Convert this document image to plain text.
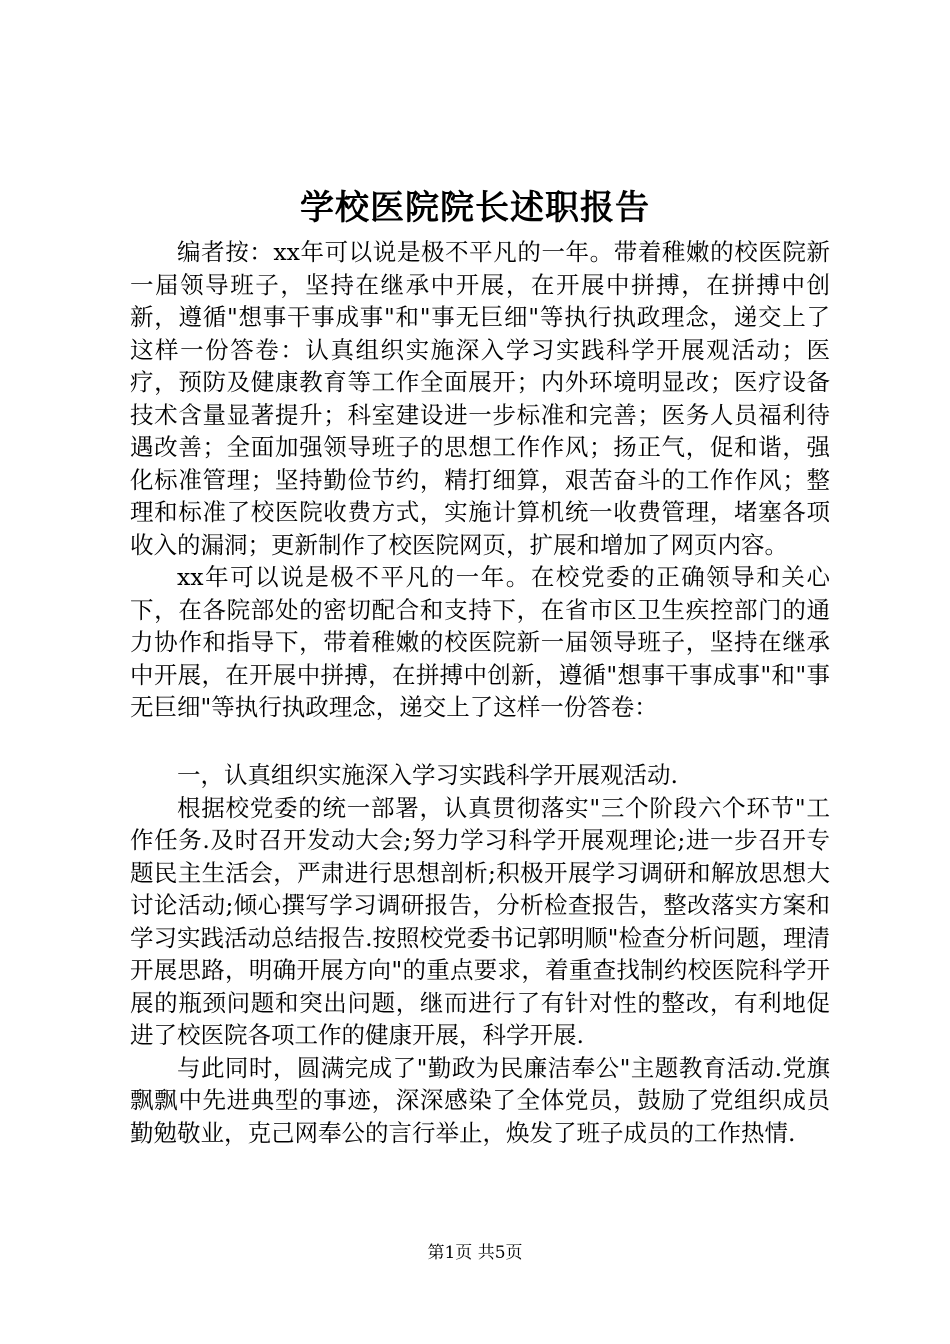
学校医院院长述职报告

编者按：xx年可以说是极不平凡的一年。带着稚嫩的校医院新一届领导班子，坚持在继承中开展，在开展中拼搏，在拼搏中创新，遵循"想事干事成事"和"事无巨细"等执行执政理念，递交上了这样一份答卷：认真组织实施深入学习实践科学开展观活动；医疗，预防及健康教育等工作全面展开；内外环境明显改；医疗设备技术含量显著提升；科室建设进一步标准和完善；医务人员福利待遇改善；全面加强领导班子的思想工作作风；扬正气，促和谐，强化标准管理；坚持勤俭节约，精打细算，艰苦奋斗的工作作风；整理和标准了校医院收费方式，实施计算机统一收费管理，堵塞各项收入的漏洞；更新制作了校医院网页，扩展和增加了网页内容。

xx年可以说是极不平凡的一年。在校党委的正确领导和关心下，在各院部处的密切配合和支持下，在省市区卫生疾控部门的通力协作和指导下，带着稚嫩的校医院新一届领导班子，坚持在继承中开展，在开展中拼搏，在拼搏中创新，遵循"想事干事成事"和"事无巨细"等执行执政理念，递交上了这样一份答卷：

一，认真组织实施深入学习实践科学开展观活动.

根据校党委的统一部署，认真贯彻落实"三个阶段六个环节"工作任务.及时召开发动大会;努力学习科学开展观理论;进一步召开专题民主生活会，严肃进行思想剖析;积极开展学习调研和解放思想大讨论活动;倾心撰写学习调研报告，分析检查报告，整改落实方案和学习实践活动总结报告.按照校党委书记郭明顺"检查分析问题，理清开展思路，明确开展方向"的重点要求，着重查找制约校医院科学开展的瓶颈问题和突出问题，继而进行了有针对性的整改，有利地促进了校医院各项工作的健康开展，科学开展.

与此同时，圆满完成了"勤政为民廉洁奉公"主题教育活动.党旗飘飘中先进典型的事迹，深深感染了全体党员，鼓励了党组织成员勤勉敬业，克己网奉公的言行举止，焕发了班子成员的工作热情.

第1页 共5页
